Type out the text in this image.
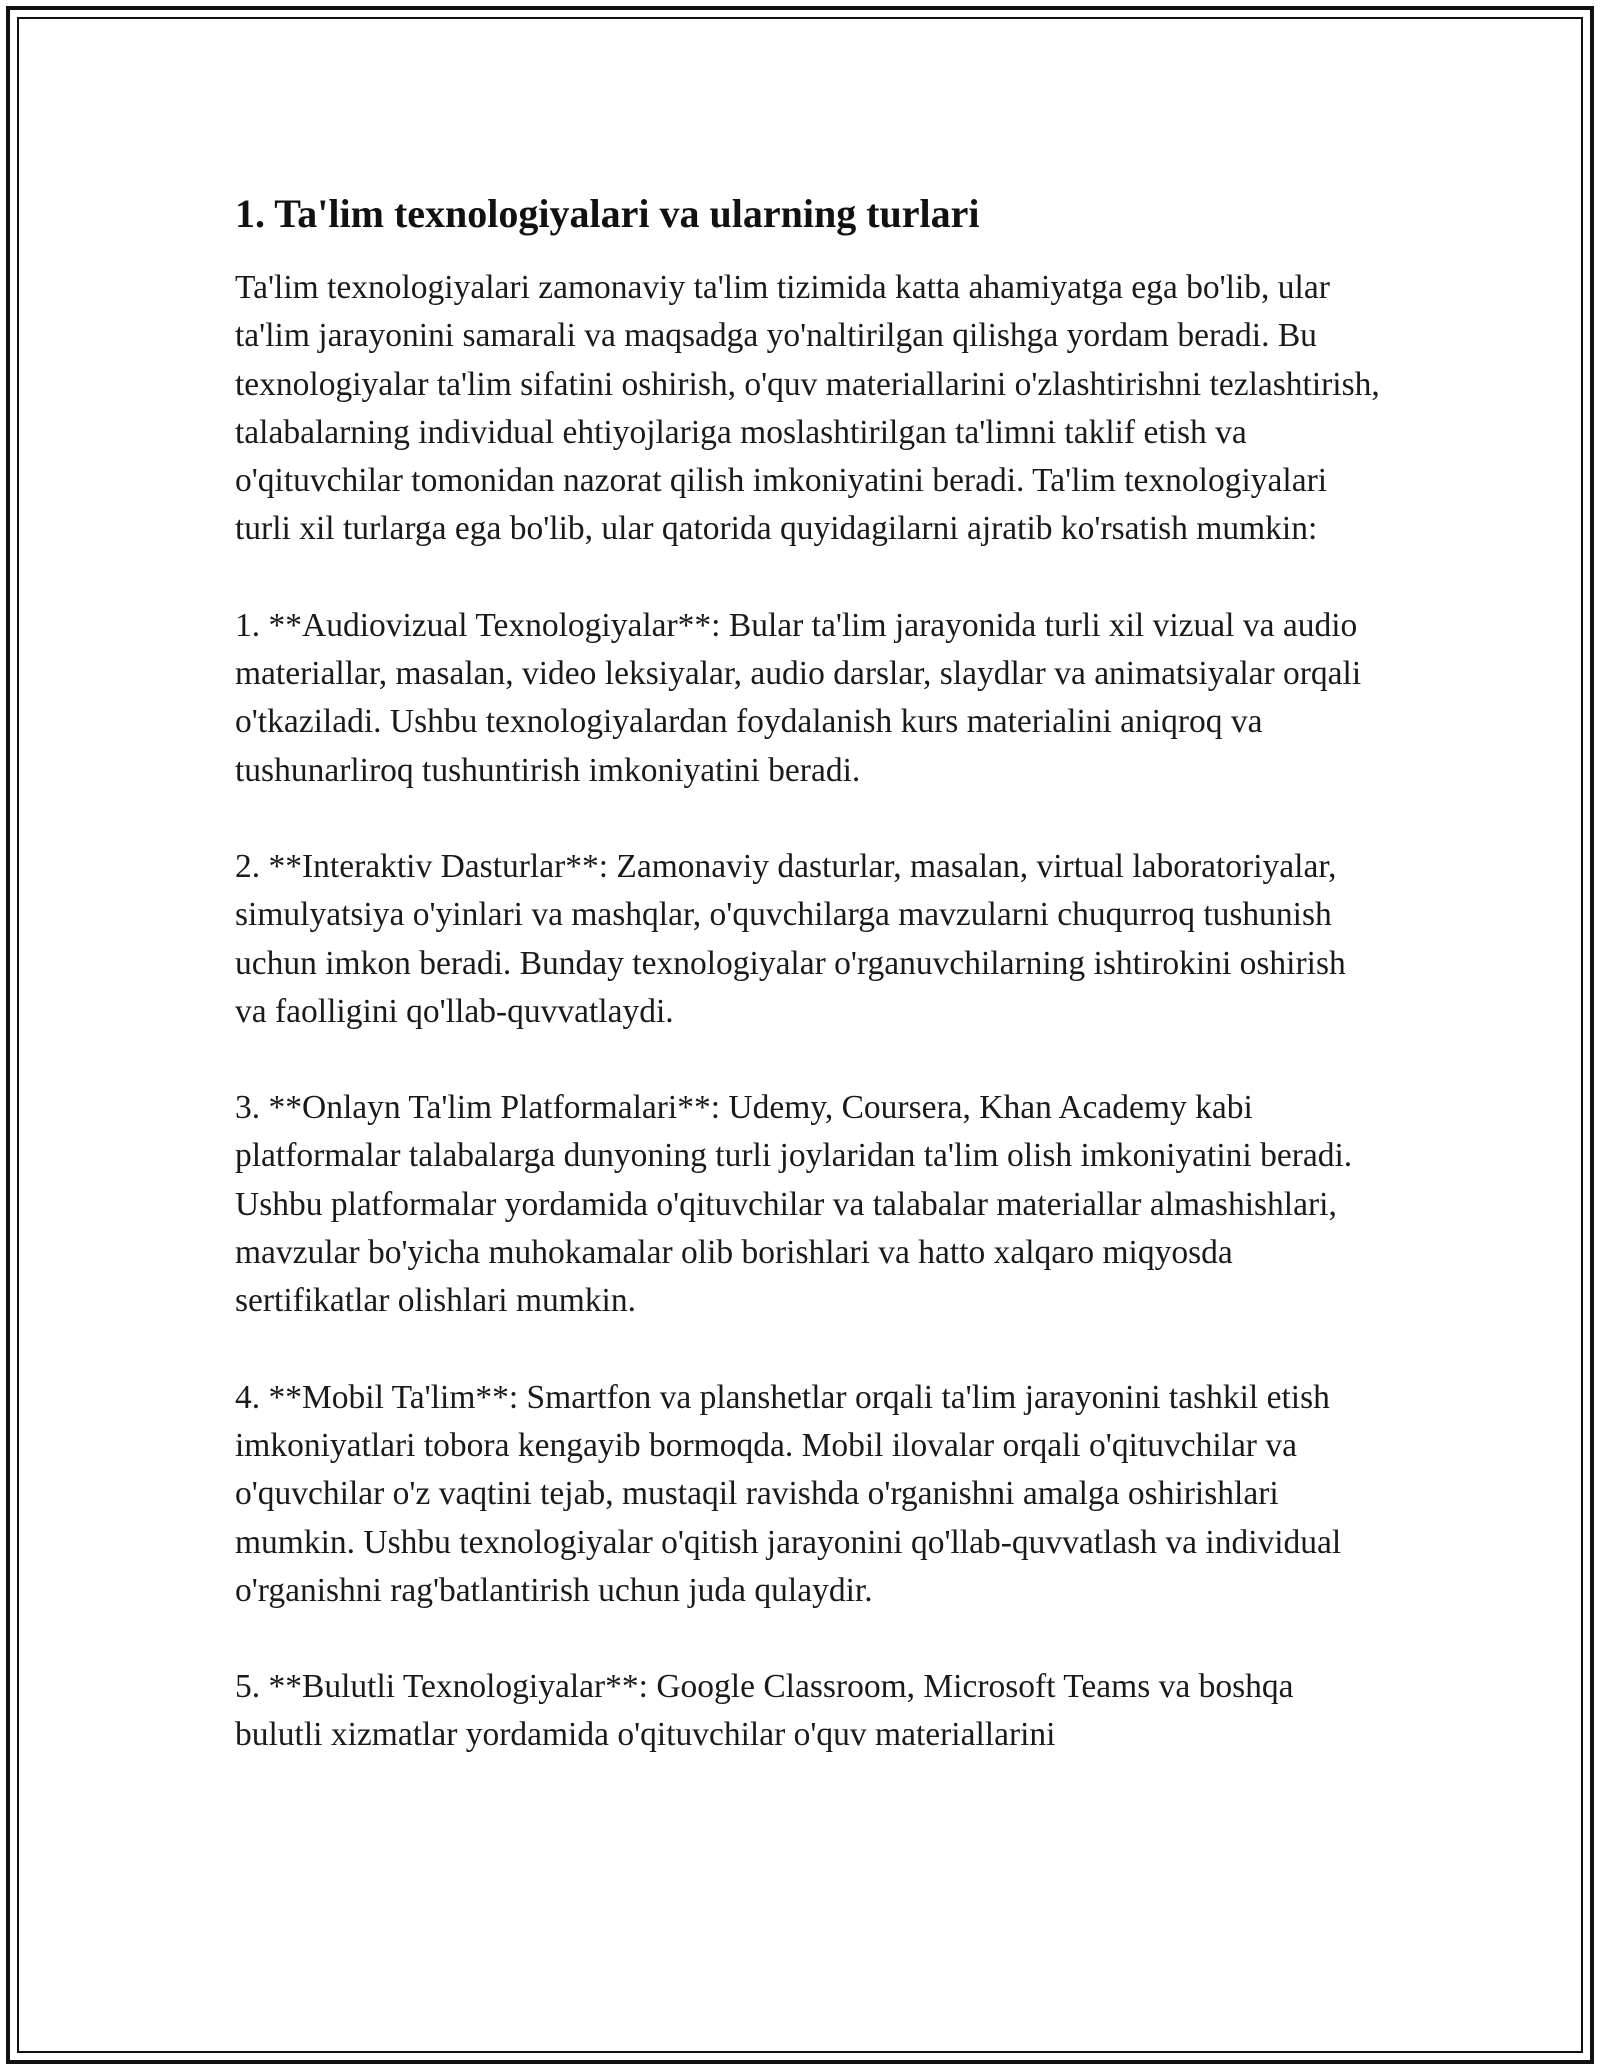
1. Ta'lim texnologiyalari va ularning turlari

Ta'lim texnologiyalari zamonaviy ta'lim tizimida katta ahamiyatga ega bo'lib, ular ta'lim jarayonini samarali va maqsadga yo'naltirilgan qilishga yordam beradi. Bu texnologiyalar ta'lim sifatini oshirish, o'quv materiallarini o'zlashtirishni tezlashtirish, talabalarning individual ehtiyojlariga moslashtirilgan ta'limni taklif etish va o'qituvchilar tomonidan nazorat qilish imkoniyatini beradi. Ta'lim texnologiyalari turli xil turlarga ega bo'lib, ular qatorida quyidagilarni ajratib ko'rsatish mumkin:

1. **Audiovizual Texnologiyalar**: Bular ta'lim jarayonida turli xil vizual va audio materiallar, masalan, video leksiyalar, audio darslar, slaydlar va animatsiyalar orqali o'tkaziladi. Ushbu texnologiyalardan foydalanish kurs materialini aniqroq va tushunarliroq tushuntirish imkoniyatini beradi.

2. **Interaktiv Dasturlar**: Zamonaviy dasturlar, masalan, virtual laboratoriyalar, simulyatsiya o'yinlari va mashqlar, o'quvchilarga mavzularni chuqurroq tushunish uchun imkon beradi. Bunday texnologiyalar o'rganuvchilarning ishtirokini oshirish va faolligini qo'llab-quvvatlaydi.

3. **Onlayn Ta'lim Platformalari**: Udemy, Coursera, Khan Academy kabi platformalar talabalarga dunyoning turli joylaridan ta'lim olish imkoniyatini beradi. Ushbu platformalar yordamida o'qituvchilar va talabalar materiallar almashishlari, mavzular bo'yicha muhokamalar olib borishlari va hatto xalqaro miqyosda sertifikatlar olishlari mumkin.

4. **Mobil Ta'lim**: Smartfon va planshetlar orqali ta'lim jarayonini tashkil etish imkoniyatlari tobora kengayib bormoqda. Mobil ilovalar orqali o'qituvchilar va o'quvchilar o'z vaqtini tejab, mustaqil ravishda o'rganishni amalga oshirishlari mumkin. Ushbu texnologiyalar o'qitish jarayonini qo'llab-quvvatlash va individual o'rganishni rag'batlantirish uchun juda qulaydir.

5. **Bulutli Texnologiyalar**: Google Classroom, Microsoft Teams va boshqa bulutli xizmatlar yordamida o'qituvchilar o'quv materiallarini
